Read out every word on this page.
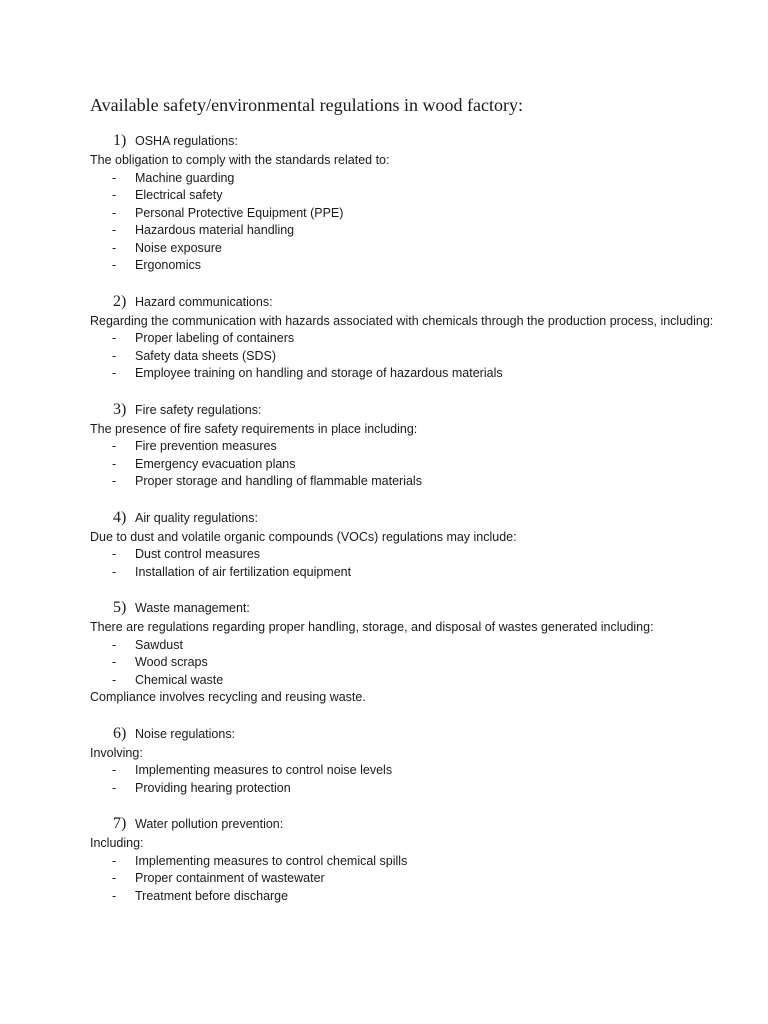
Available safety/environmental regulations in wood factory:
1) OSHA regulations:
The obligation to comply with the standards related to:
-	Machine guarding
-	Electrical safety
-	Personal Protective Equipment (PPE)
-	Hazardous material handling
-	Noise exposure
-	Ergonomics
2) Hazard communications:
Regarding the communication with hazards associated with chemicals through the production process, including:
-	Proper labeling of containers
-	Safety data sheets (SDS)
-	Employee training on handling and storage of hazardous materials
3) Fire safety regulations:
The presence of fire safety requirements in place including:
-	Fire prevention measures
-	Emergency evacuation plans
-	Proper storage and handling of flammable materials
4) Air quality regulations:
Due to dust and volatile organic compounds (VOCs) regulations may include:
-	Dust control measures
-	Installation of air fertilization equipment
5) Waste management:
There are regulations regarding proper handling, storage, and disposal of wastes generated including:
-	Sawdust
-	Wood scraps
-	Chemical waste
Compliance involves recycling and reusing waste.
6) Noise regulations:
Involving:
-	Implementing measures to control noise levels
-	Providing hearing protection
7) Water pollution prevention:
Including:
-	Implementing measures to control chemical spills
-	Proper containment of wastewater
-	Treatment before discharge
